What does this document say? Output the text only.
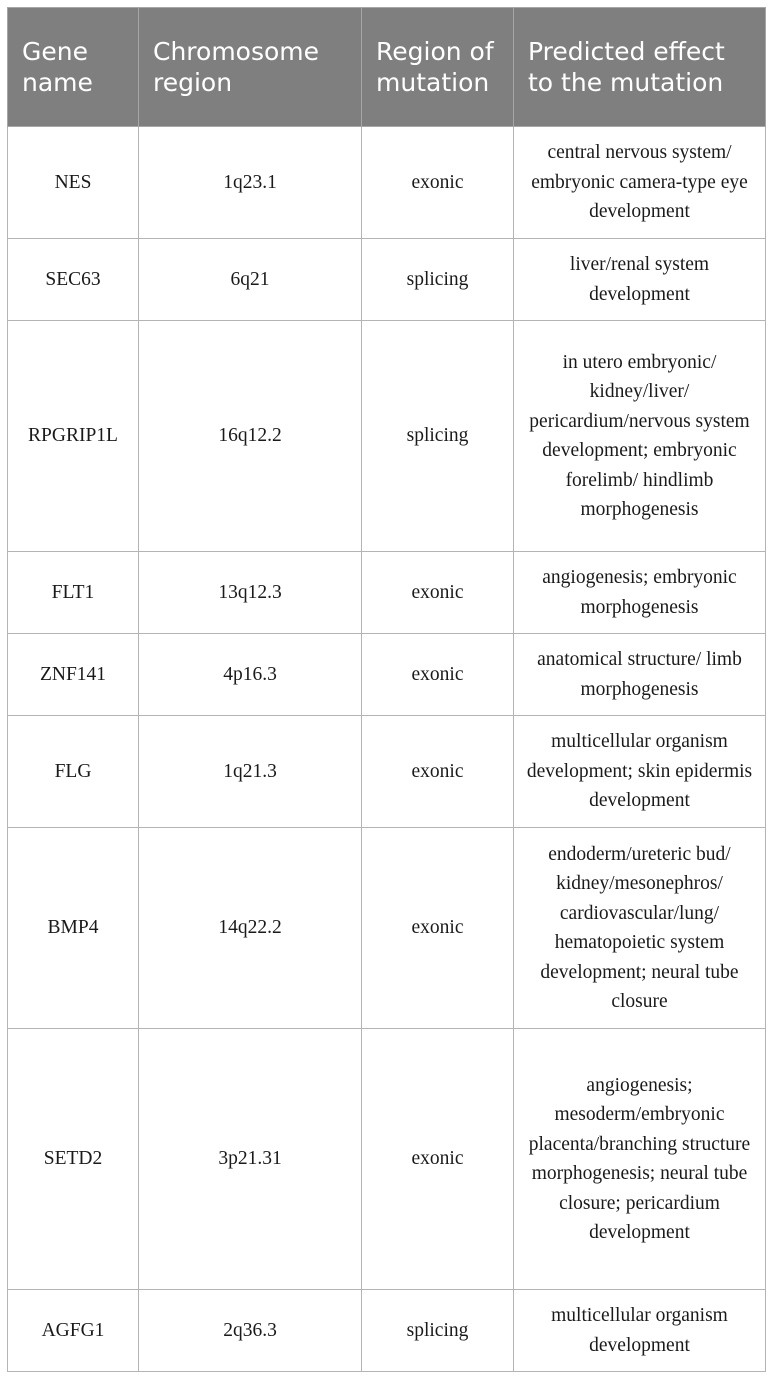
Gene name	Chromosome region	Region of mutation	Predicted effect to the mutation
NES	1q23.1	exonic	central nervous system/ embryonic camera-type eye development
SEC63	6q21	splicing	liver/renal system development
RPGRIP1L	16q12.2	splicing	in utero embryonic/ kidney/liver/ pericardium/nervous system development; embryonic forelimb/ hindlimb morphogenesis
FLT1	13q12.3	exonic	angiogenesis; embryonic morphogenesis
ZNF141	4p16.3	exonic	anatomical structure/ limb morphogenesis
FLG	1q21.3	exonic	multicellular organism development; skin epidermis development
BMP4	14q22.2	exonic	endoderm/ureteric bud/ kidney/mesonephros/ cardiovascular/lung/ hematopoietic system development; neural tube closure
SETD2	3p21.31	exonic	angiogenesis; mesoderm/embryonic placenta/branching structure morphogenesis; neural tube closure; pericardium development
AGFG1	2q36.3	splicing	multicellular organism development
